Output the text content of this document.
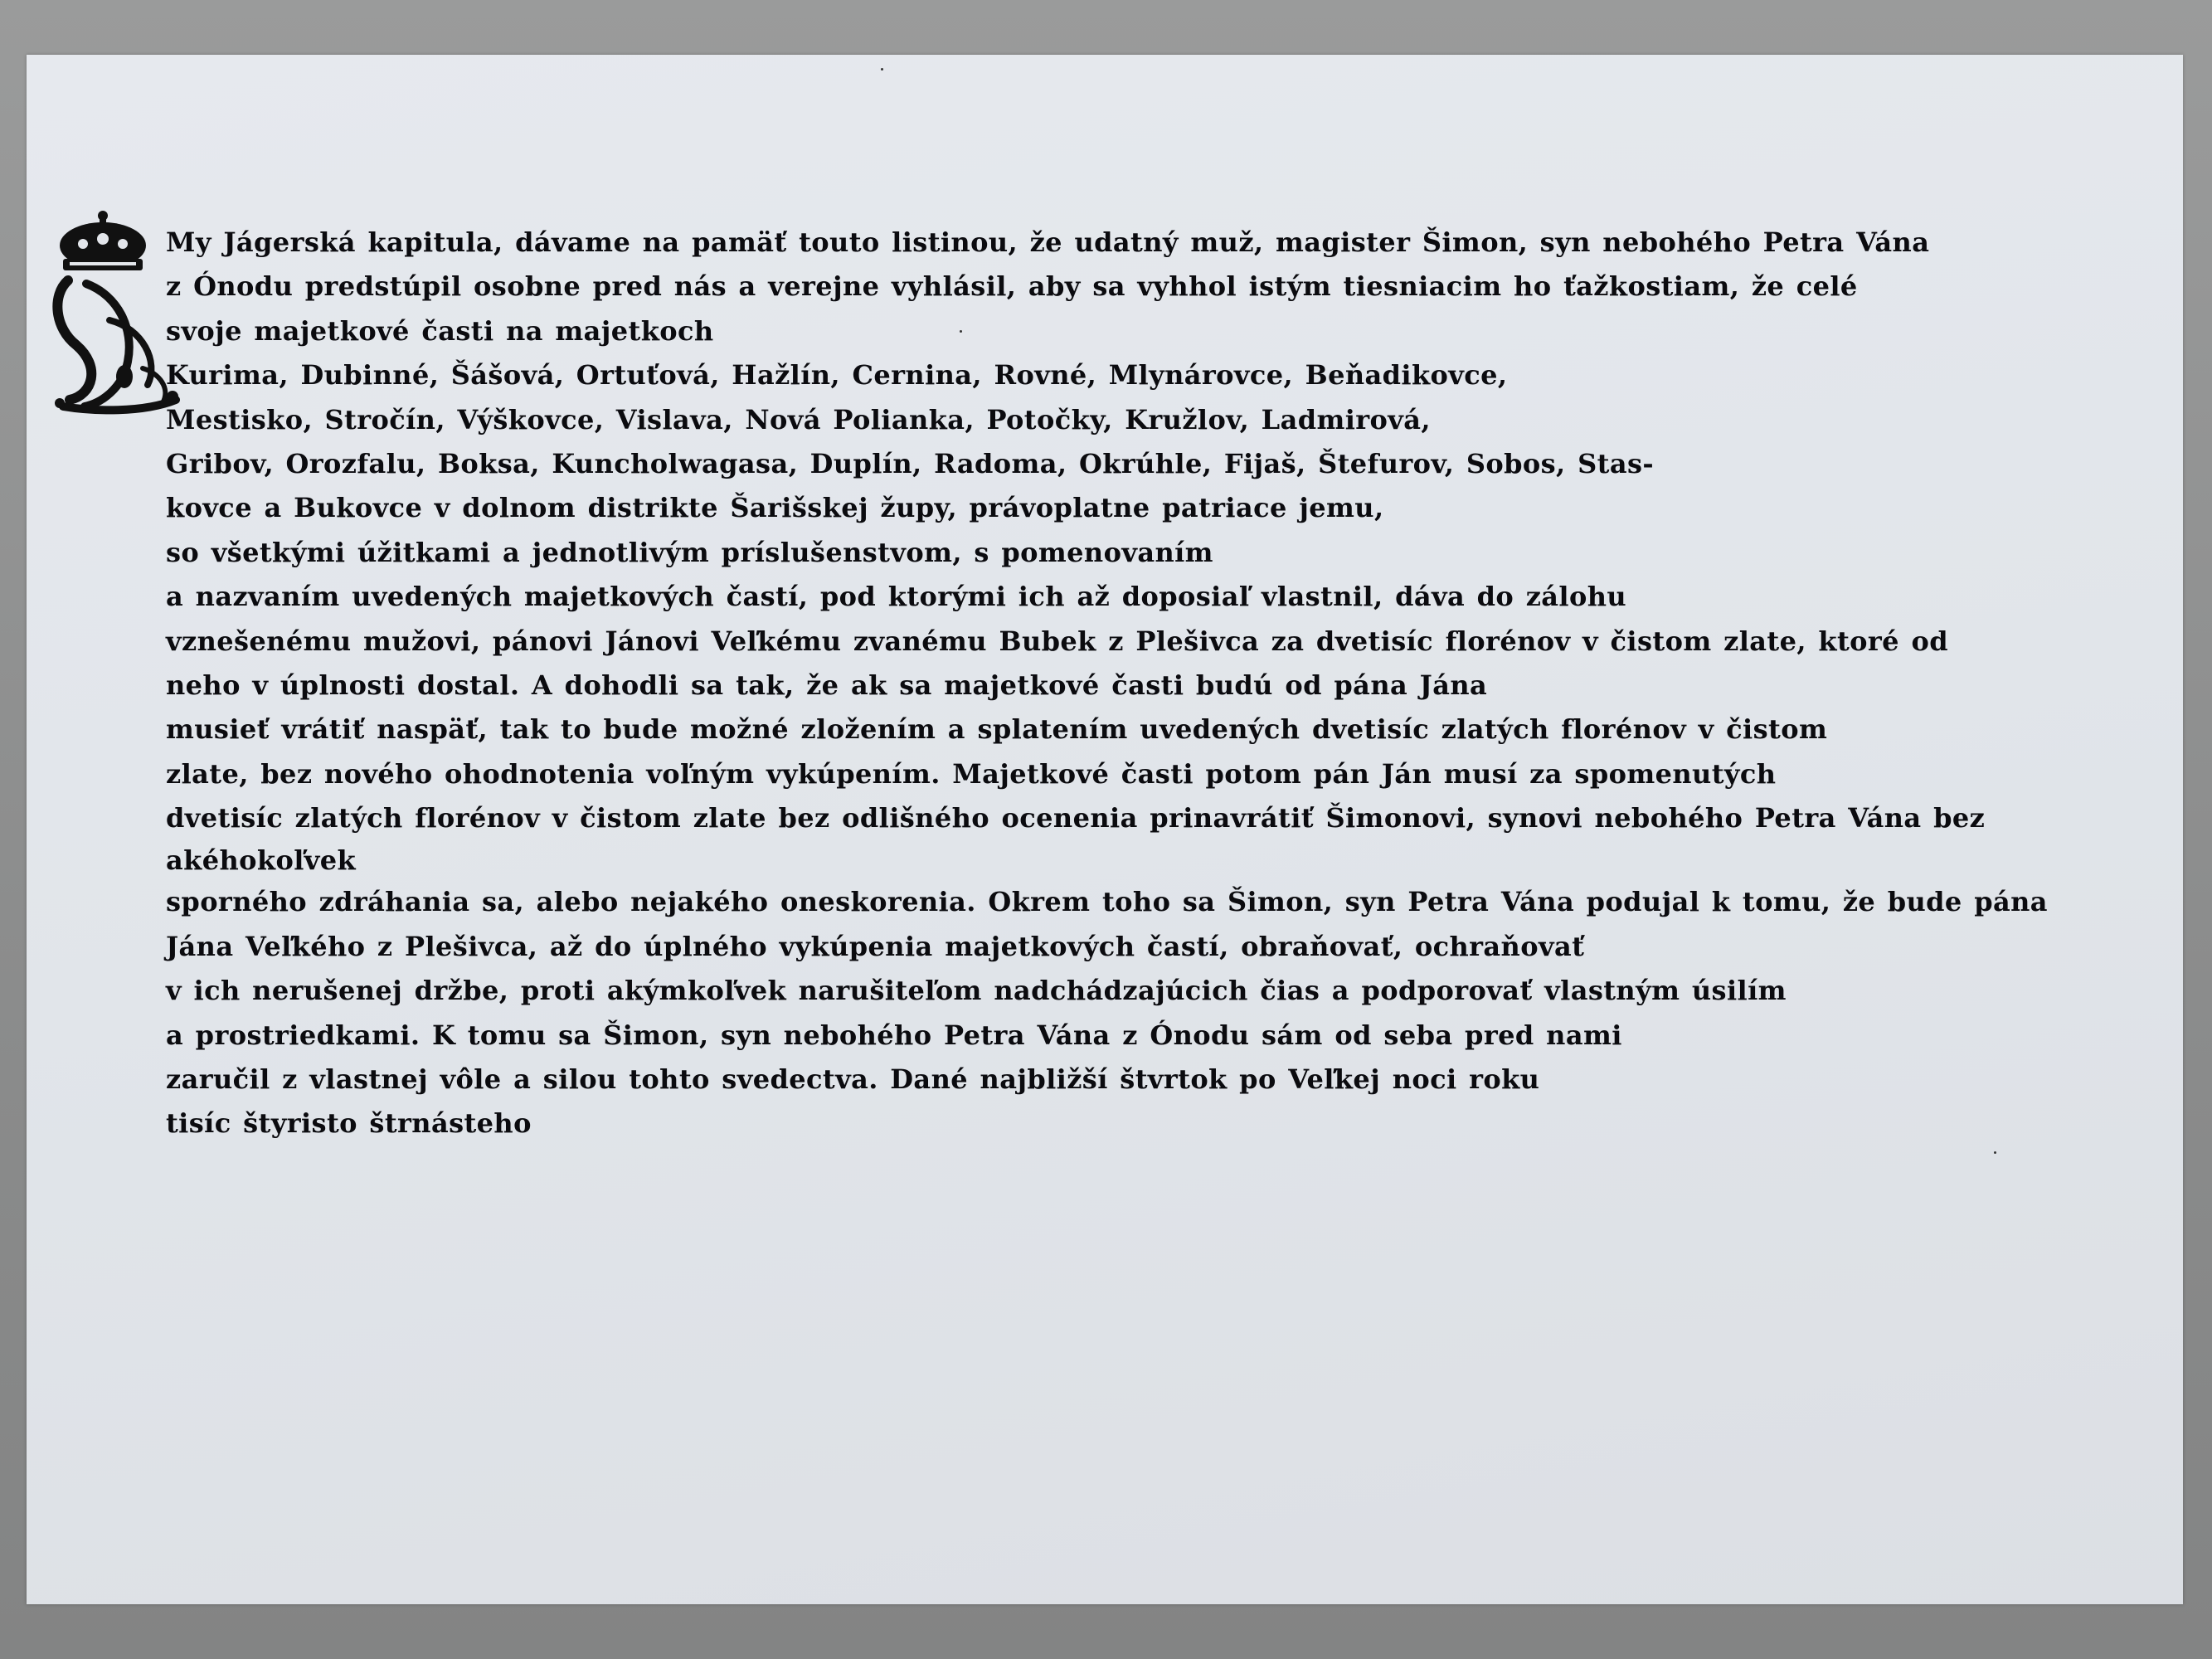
My Jágerská kapitula, dávame na pamäť touto listinou, že udatný muž, magister Šimon, syn nebohého Petra Vána
z Ónodu predstúpil osobne pred nás a verejne vyhlásil, aby sa vyhhol istým tiesniacim ho ťažkostiam, že celé
svoje majetkové časti na majetkoch
Kurima, Dubinné, Šášová, Ortuťová, Hažlín, Cernina, Rovné, Mlynárovce, Beňadikovce,
Mestisko, Stročín, Výškovce, Vislava, Nová Polianka, Potočky, Kružlov, Ladmirová,
Gribov, Orozfalu, Boksa, Kuncholwagasa, Duplín, Radoma, Okrúhle, Fijaš, Štefurov, Sobos, Stas-
kovce a Bukovce v dolnom distrikte Šarišskej župy, právoplatne patriace jemu,
so všetkými úžitkami a jednotlivým príslušenstvom, s pomenovaním
a nazvaním uvedených majetkových častí, pod ktorými ich až doposiaľ vlastnil, dáva do zálohu
vznešenému mužovi, pánovi Jánovi Veľkému zvanému Bubek z Plešivca za dvetisíc florénov v čistom zlate, ktoré od
neho v úplnosti dostal. A dohodli sa tak, že ak sa majetkové časti budú od pána Jána
musieť vrátiť naspäť, tak to bude možné zložením a splatením uvedených dvetisíc zlatých florénov v čistom
zlate, bez nového ohodnotenia voľným vykúpením. Majetkové časti potom pán Ján musí za spomenutých
dvetisíc zlatých florénov v čistom zlate bez odlišného ocenenia prinavrátiť Šimonovi, synovi nebohého Petra Vána bez
akéhokoľvek
sporného zdráhania sa, alebo nejakého oneskorenia. Okrem toho sa Šimon, syn Petra Vána podujal k tomu, že bude pána
Jána Veľkého z Plešivca, až do úplného vykúpenia majetkových častí, obraňovať, ochraňovať
v ich nerušenej držbe, proti akýmkoľvek narušiteľom nadchádzajúcich čias a podporovať vlastným úsilím
a prostriedkami. K tomu sa Šimon, syn nebohého Petra Vána z Ónodu sám od seba pred nami
zaručil z vlastnej vôle a silou tohto svedectva. Dané najbližší štvrtok po Veľkej noci roku
tisíc štyristo štrnásteho
